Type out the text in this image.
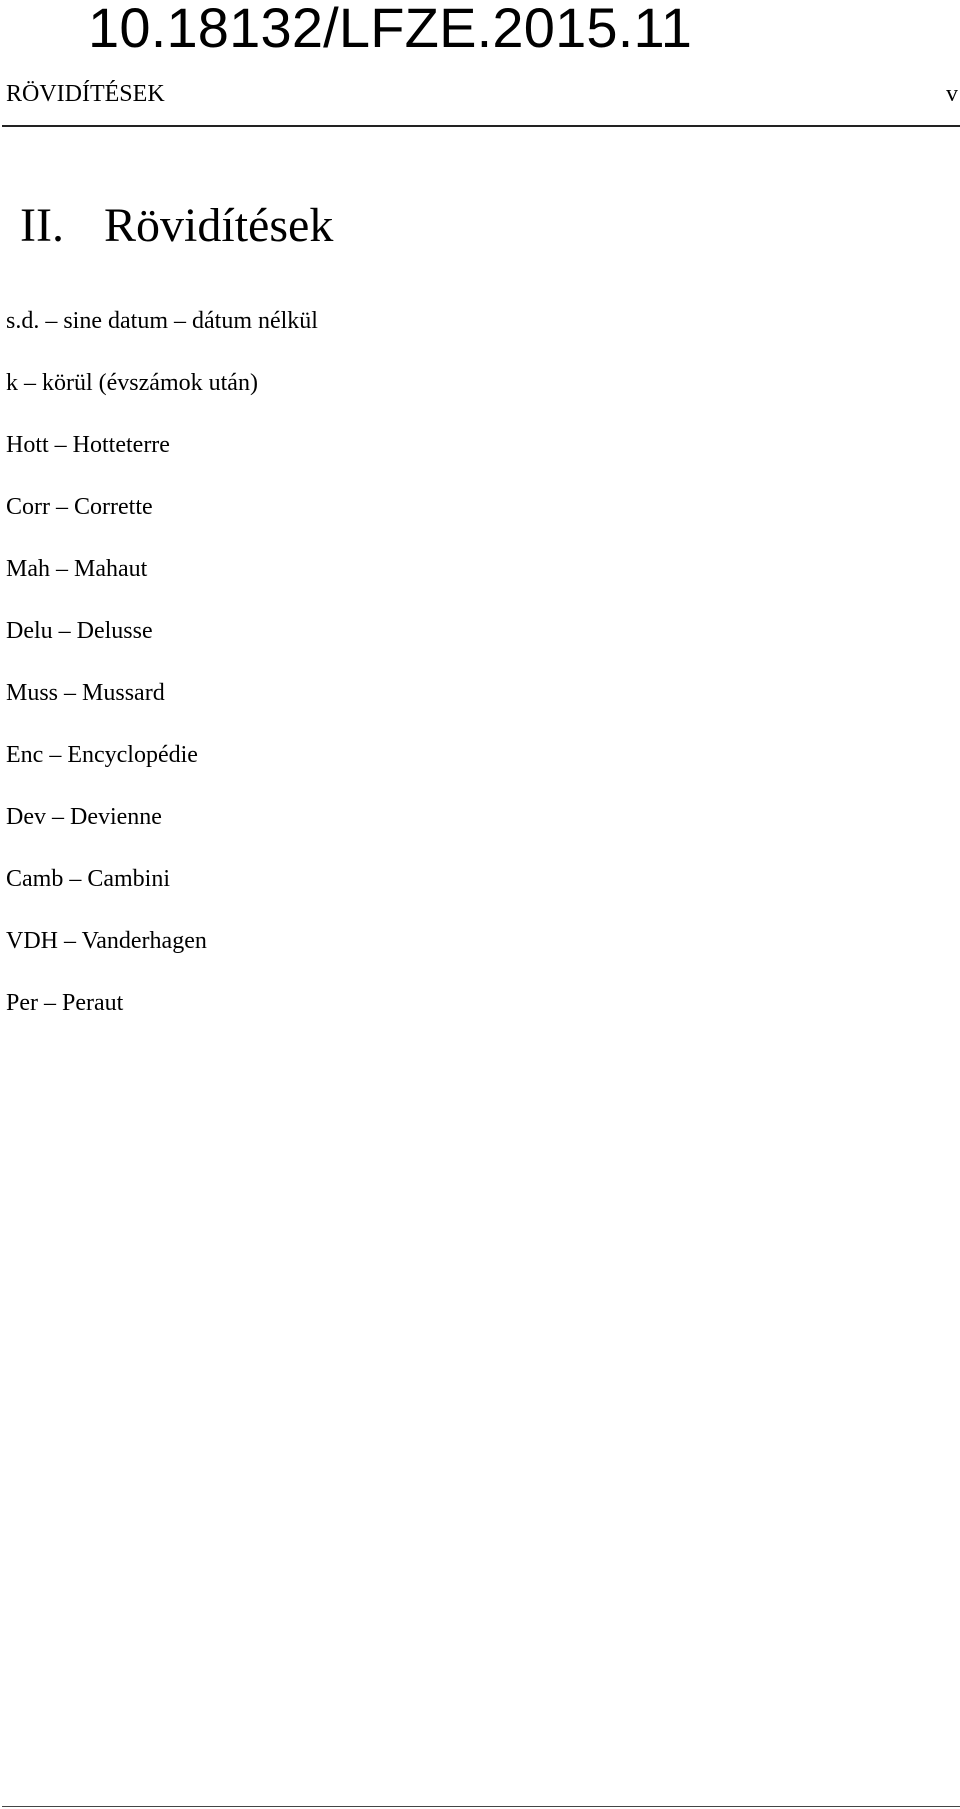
10.18132/LFZE.2015.11
RÖVIDÍTÉSEK	v
II. Rövidítések
s.d. – sine datum – dátum nélkül
k – körül (évszámok után)
Hott – Hotteterre
Corr – Corrette
Mah – Mahaut
Delu – Delusse
Muss – Mussard
Enc – Encyclopédie
Dev – Devienne
Camb – Cambini
VDH – Vanderhagen
Per – Peraut
